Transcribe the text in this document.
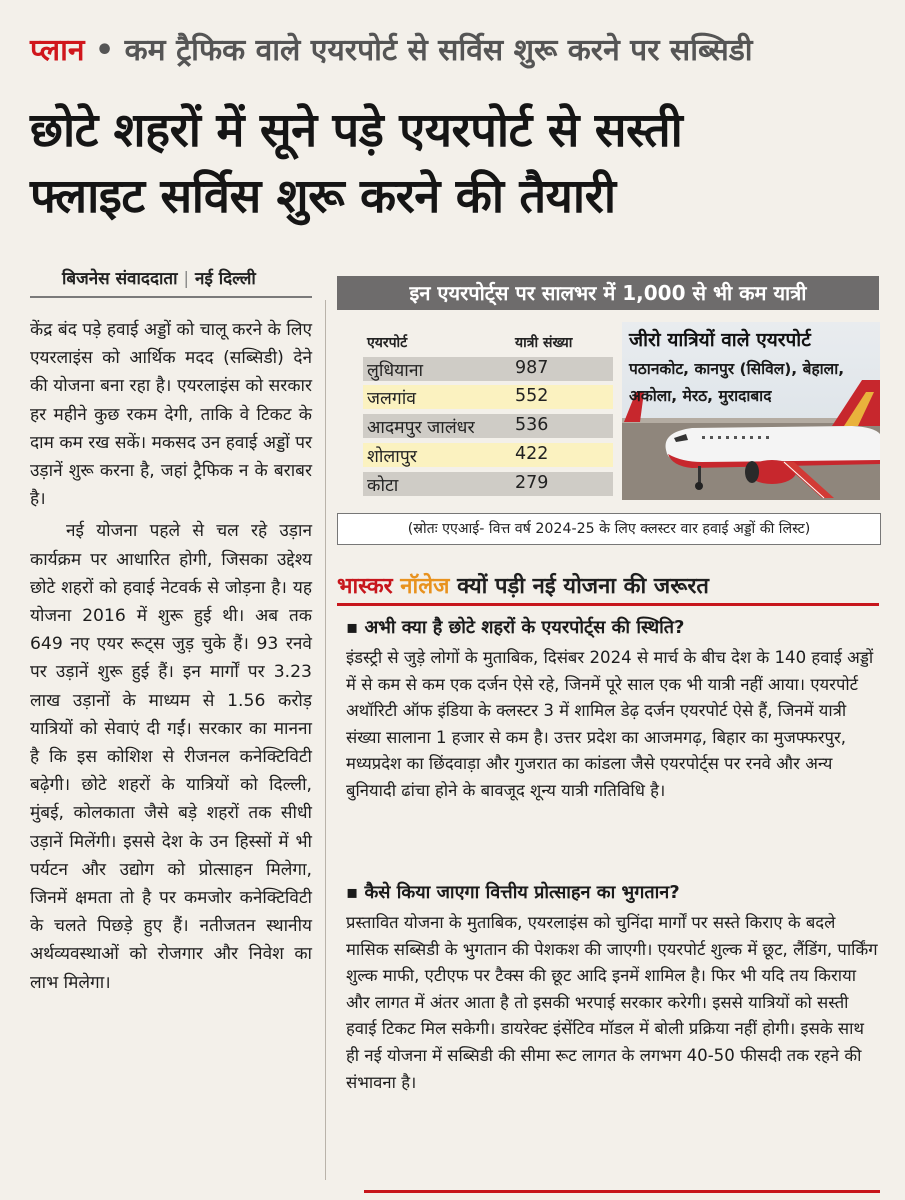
प्लान • कम ट्रैफिक वाले एयरपोर्ट से सर्विस शुरू करने पर सब्सिडी
छोटे शहरों में सूने पड़े एयरपोर्ट से सस्ती
फ्लाइट सर्विस शुरू करने की तैयारी
बिजनेस संवाददाता | नई दिल्ली

केंद्र बंद पड़े हवाई अड्डों को चालू करने के लिए एयरलाइंस को आर्थिक मदद (सब्सिडी) देने की योजना बना रहा है। एयरलाइंस को सरकार हर महीने कुछ रकम देगी, ताकि वे टिकट के दाम कम रख सकें। मकसद उन हवाई अड्डों पर उड़ानें शुरू करना है, जहां ट्रैफिक न के बराबर है।

नई योजना पहले से चल रहे उड़ान कार्यक्रम पर आधारित होगी, जिसका उद्देश्य छोटे शहरों को हवाई नेटवर्क से जोड़ना है। यह योजना 2016 में शुरू हुई थी। अब तक 649 नए एयर रूट्स जुड़ चुके हैं। 93 रनवे पर उड़ानें शुरू हुई हैं। इन मार्गों पर 3.23 लाख उड़ानों के माध्यम से 1.56 करोड़ यात्रियों को सेवाएं दी गईं। सरकार का मानना है कि इस कोशिश से रीजनल कनेक्टिविटी बढ़ेगी। छोटे शहरों के यात्रियों को दिल्ली, मुंबई, कोलकाता जैसे बड़े शहरों तक सीधी उड़ानें मिलेंगी। इससे देश के उन हिस्सों में भी पर्यटन और उद्योग को प्रोत्साहन मिलेगा, जिनमें क्षमता तो है पर कमजोर कनेक्टिविटी के चलते पिछड़े हुए हैं। नतीजतन स्थानीय अर्थव्यवस्थाओं को रोजगार और निवेश का लाभ मिलेगा।

इन एयरपोर्ट्स पर सालभर में 1,000 से भी कम यात्री
एयरपोर्ट	यात्री संख्या
लुधियाना	987
जलगांव	552
आदमपुर जालंधर 536
शोलापुर	422
कोटा	279
जीरो यात्रियों वाले एयरपोर्ट
पठानकोट, कानपुर (सिविल), बेहाला, अकोला, मेरठ, मुरादाबाद
(स्रोतः एएआई- वित्त वर्ष 2024-25 के लिए क्लस्टर वार हवाई अड्डों की लिस्ट)
भास्कर नॉलेज क्यों पड़ी नई योजना की जरूरत
▪ अभी क्या है छोटे शहरों के एयरपोर्ट्स की स्थिति?
इंडस्ट्री से जुड़े लोगों के मुताबिक, दिसंबर 2024 से मार्च के बीच देश के 140 हवाई अड्डों में से कम से कम एक दर्जन ऐसे रहे, जिनमें पूरे साल एक भी यात्री नहीं आया। एयरपोर्ट अथॉरिटी ऑफ इंडिया के क्लस्टर 3 में शामिल डेढ़ दर्जन एयरपोर्ट ऐसे हैं, जिनमें यात्री संख्या सालाना 1 हजार से कम है। उत्तर प्रदेश का आजमगढ़, बिहार का मुजफ्फरपुर, मध्यप्रदेश का छिंदवाड़ा और गुजरात का कांडला जैसे एयरपोर्ट्स पर रनवे और अन्य बुनियादी ढांचा होने के बावजूद शून्य यात्री गतिविधि है।
▪ कैसे किया जाएगा वित्तीय प्रोत्साहन का भुगतान?
प्रस्तावित योजना के मुताबिक, एयरलाइंस को चुनिंदा मार्गों पर सस्ते किराए के बदले मासिक सब्सिडी के भुगतान की पेशकश की जाएगी। एयरपोर्ट शुल्क में छूट, लैंडिंग, पार्किंग शुल्क माफी, एटीएफ पर टैक्स की छूट आदि इनमें शामिल है। फिर भी यदि तय किराया और लागत में अंतर आता है तो इसकी भरपाई सरकार करेगी। इससे यात्रियों को सस्ती हवाई टिकट मिल सकेगी। डायरेक्ट इंसेंटिव मॉडल में बोली प्रक्रिया नहीं होगी। इसके साथ ही नई योजना में सब्सिडी की सीमा रूट लागत के लगभग 40-50 फीसदी तक रहने की संभावना है।
